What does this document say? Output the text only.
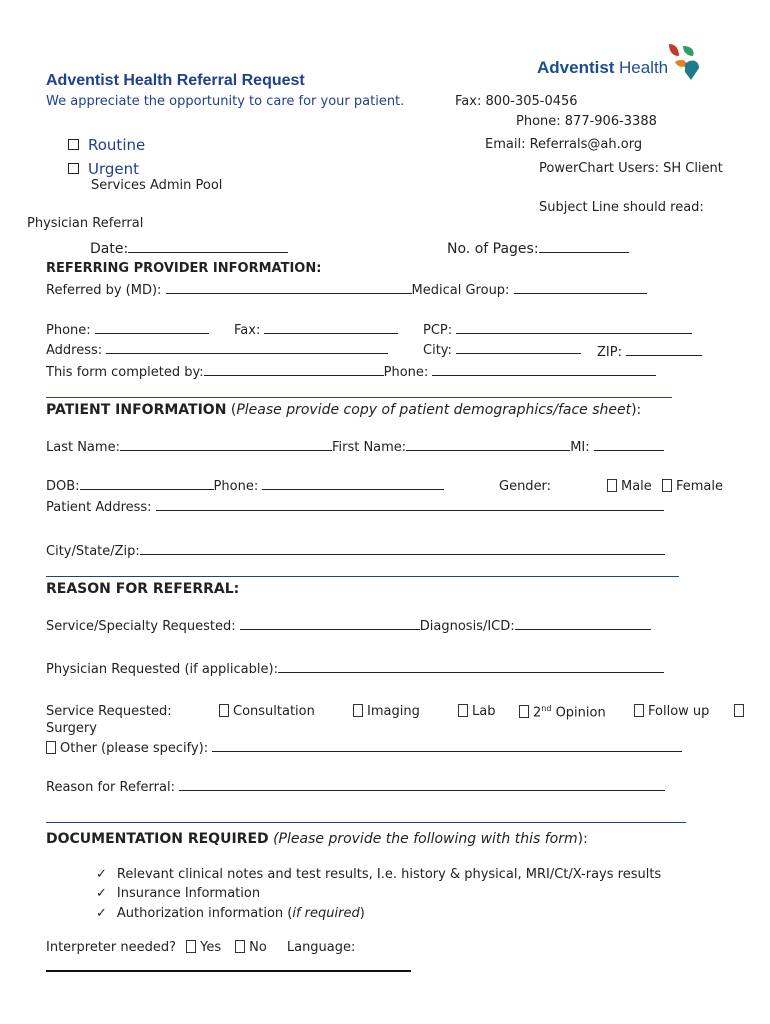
Adventist Health Referral Request
We appreciate the opportunity to care for your patient.
Adventist Health
Fax: 800-305-0456
Phone: 877-906-3388
Email: Referrals@ah.org
PowerChart Users: SH Client
Subject Line should read:
Routine
Urgent
Services Admin Pool
Physician Referral
Date:	No. of Pages:
REFERRING PROVIDER INFORMATION:
Referred by (MD):	Medical Group:
Phone:	Fax:	PCP:
Address:	City:	ZIP:
This form completed by:	Phone:
PATIENT INFORMATION (Please provide copy of patient demographics/face sheet):
Last Name:	First Name:	MI:
DOB:	Phone:	Gender:	Male Female
Patient Address:
City/State/Zip:
REASON FOR REFERRAL:
Service/Specialty Requested:	Diagnosis/ICD:
Physician Requested (if applicable):
Service Requested:	Consultation	Imaging	Lab	2nd Opinion	Follow up
Surgery
Other (please specify):
Reason for Referral:
DOCUMENTATION REQUIRED (Please provide the following with this form):
✓ Relevant clinical notes and test results, I.e. history & physical, MRI/Ct/X-rays results
✓ Insurance Information
✓ Authorization information (if required)
Interpreter needed? Yes No Language:
